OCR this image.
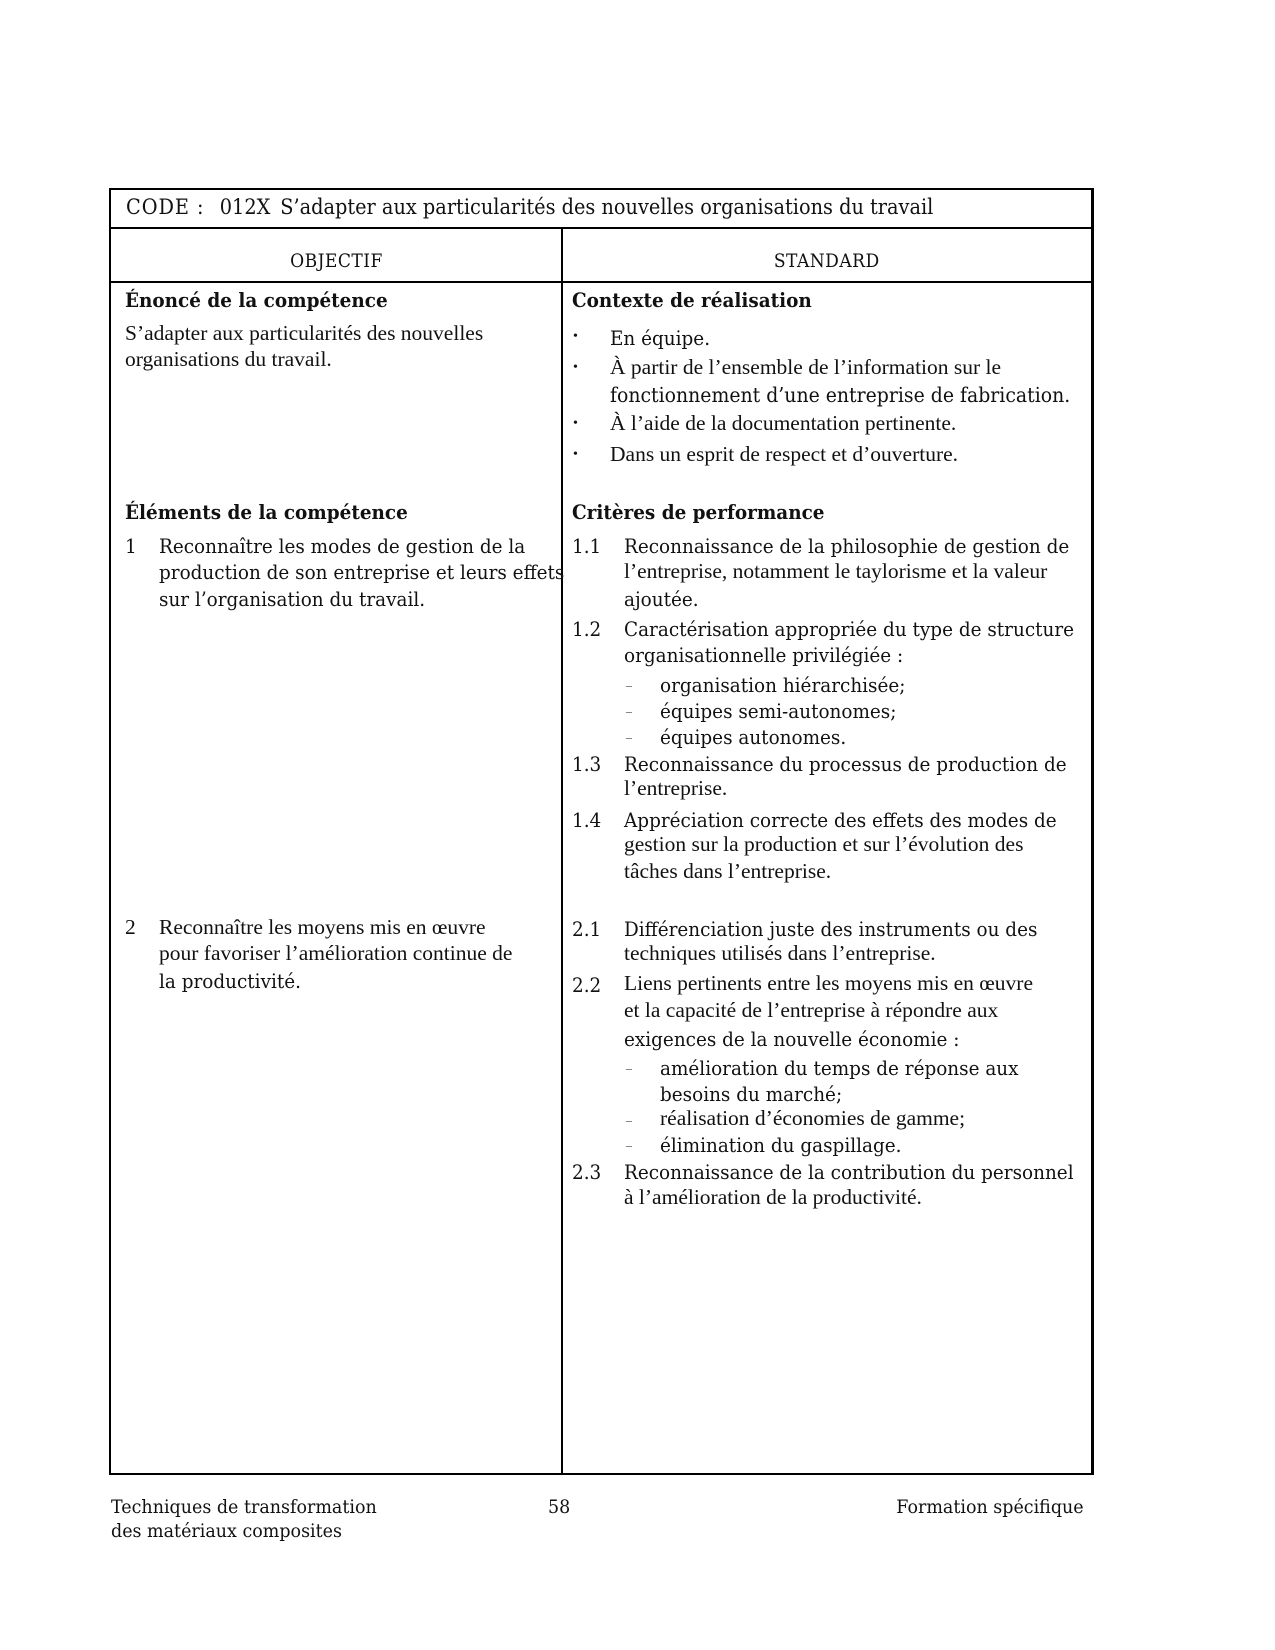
CODE : 012X S’adapter aux particularités des nouvelles organisations du travail
OBJECTIF	STANDARD
Énoncé de la compétence
S’adapter aux particularités des nouvelles
organisations du travail.
Éléments de la compétence
1 Reconnaître les modes de gestion de la
production de son entreprise et leurs effets
sur l’organisation du travail.
2 Reconnaître les moyens mis en œuvre
pour favoriser l’amélioration continue de
la productivité.
Contexte de réalisation
• En équipe.
• À partir de l’ensemble de l’information sur le
fonctionnement d’une entreprise de fabrication.
• À l’aide de la documentation pertinente.
• Dans un esprit de respect et d’ouverture.
Critères de performance
1.1 Reconnaissance de la philosophie de gestion de
l’entreprise, notamment le taylorisme et la valeur
ajoutée.
1.2 Caractérisation appropriée du type de structure
organisationnelle privilégiée :
– organisation hiérarchisée;
– équipes semi-autonomes;
– équipes autonomes.
1.3 Reconnaissance du processus de production de
l’entreprise.
1.4 Appréciation correcte des effets des modes de
gestion sur la production et sur l’évolution des
tâches dans l’entreprise.
2.1 Différenciation juste des instruments ou des
techniques utilisés dans l’entreprise.
2.2 Liens pertinents entre les moyens mis en œuvre
et la capacité de l’entreprise à répondre aux
exigences de la nouvelle économie :
– amélioration du temps de réponse aux
besoins du marché;
– réalisation d’économies de gamme;
– élimination du gaspillage.
2.3 Reconnaissance de la contribution du personnel
à l’amélioration de la productivité.
Techniques de transformation
des matériaux composites
58	Formation spécifique
